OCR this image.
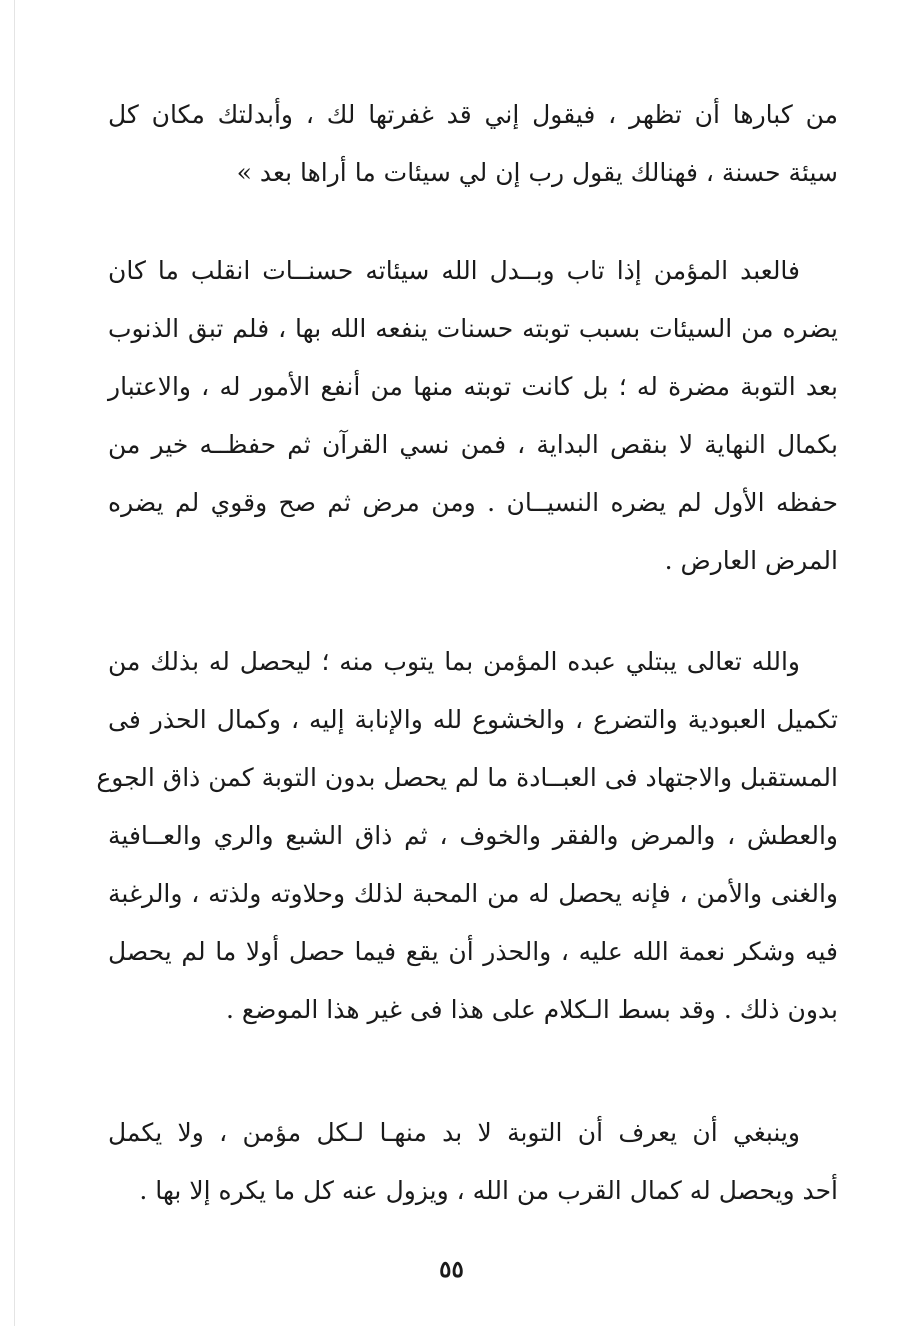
من كبارها أن تظهر ، فيقول إني قد غفرتها لك ، وأبدلتك مكان كل
سيئة حسنة ، فهنالك يقول رب إن لي سيئات ما أراها بعد »
فالعبد المؤمن إذا تاب وبــدل الله سيئاته حسنــات انقلب ما كان
يضره من السيئات بسبب توبته حسنات ينفعه الله بها ، فلم تبق الذنوب
بعد التوبة مضرة له ؛ بل كانت توبته منها من أنفع الأمور له ، والاعتبار
بكمال النهاية لا بنقص البداية ، فمن نسي القرآن ثم حفظــه خير من
حفظه الأول لم يضره النسيــان . ومن مرض ثم صح وقوي لم يضره
المرض العارض .
والله تعالى يبتلي عبده المؤمن بما يتوب منه ؛ ليحصل له بذلك من
تكميل العبودية والتضرع ، والخشوع لله والإنابة إليه ، وكمال الحذر فى
المستقبل والاجتهاد فى العبــادة ما لم يحصل بدون التوبة كمن ذاق الجوع
والعطش ، والمرض والفقر والخوف ، ثم ذاق الشبع والري والعــافية
والغنى والأمن ، فإنه يحصل له من المحبة لذلك وحلاوته ولذته ، والرغبة
فيه وشكر نعمة الله عليه ، والحذر أن يقع فيما حصل أولا ما لم يحصل
بدون ذلك . وقد بسط الـكلام على هذا فى غير هذا الموضع .
وينبغي أن يعرف أن التوبة لا بد منهـا لـكل مؤمن ، ولا يكمل
أحد ويحصل له كمال القرب من الله ، ويزول عنه كل ما يكره إلا بها .
٥٥
